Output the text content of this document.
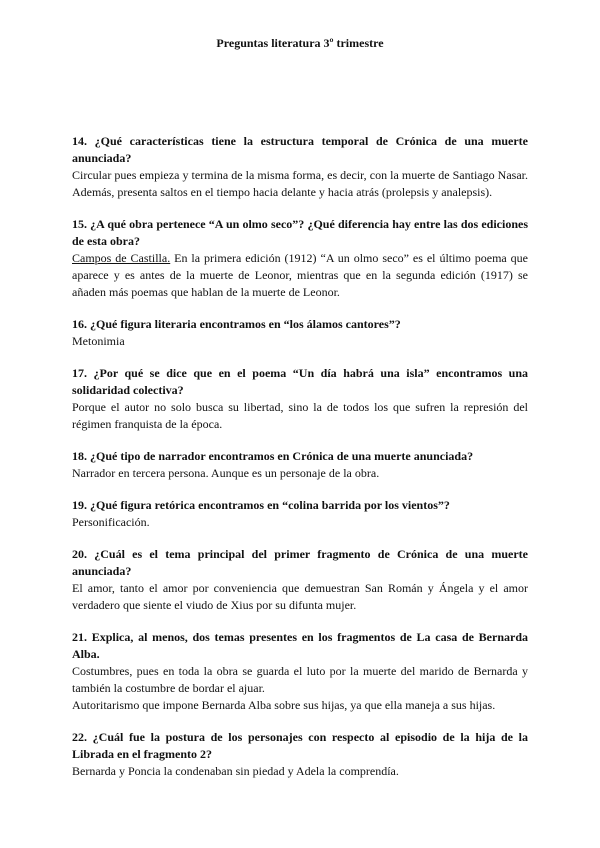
Preguntas literatura 3º trimestre
14. ¿Qué características tiene la estructura temporal de Crónica de una muerte anunciada?
Circular pues empieza y termina de la misma forma, es decir, con la muerte de Santiago Nasar. Además, presenta saltos en el tiempo hacia delante y hacia atrás (prolepsis y analepsis).
15. ¿A qué obra pertenece “A un olmo seco”? ¿Qué diferencia hay entre las dos ediciones de esta obra?
Campos de Castilla. En la primera edición (1912) “A un olmo seco” es el último poema que aparece y es antes de la muerte de Leonor, mientras que en la segunda edición (1917) se añaden más poemas que hablan de la muerte de Leonor.
16. ¿Qué figura literaria encontramos en “los álamos cantores”?
Metonimia
17. ¿Por qué se dice que en el poema “Un día habrá una isla” encontramos una solidaridad colectiva?
Porque el autor no solo busca su libertad, sino la de todos los que sufren la represión del régimen franquista de la época.
18. ¿Qué tipo de narrador encontramos en Crónica de una muerte anunciada?
Narrador en tercera persona. Aunque es un personaje de la obra.
19. ¿Qué figura retórica encontramos en “colina barrida por los vientos”?
Personificación.
20. ¿Cuál es el tema principal del primer fragmento de Crónica de una muerte anunciada?
El amor, tanto el amor por conveniencia que demuestran San Román y Ángela y el amor verdadero que siente el viudo de Xius por su difunta mujer.
21. Explica, al menos, dos temas presentes en los fragmentos de La casa de Bernarda Alba.
Costumbres, pues en toda la obra se guarda el luto por la muerte del marido de Bernarda y también la costumbre de bordar el ajuar.
Autoritarismo que impone Bernarda Alba sobre sus hijas, ya que ella maneja a sus hijas.
22. ¿Cuál fue la postura de los personajes con respecto al episodio de la hija de la Librada en el fragmento 2?
Bernarda y Poncia la condenaban sin piedad y Adela la comprendía.
